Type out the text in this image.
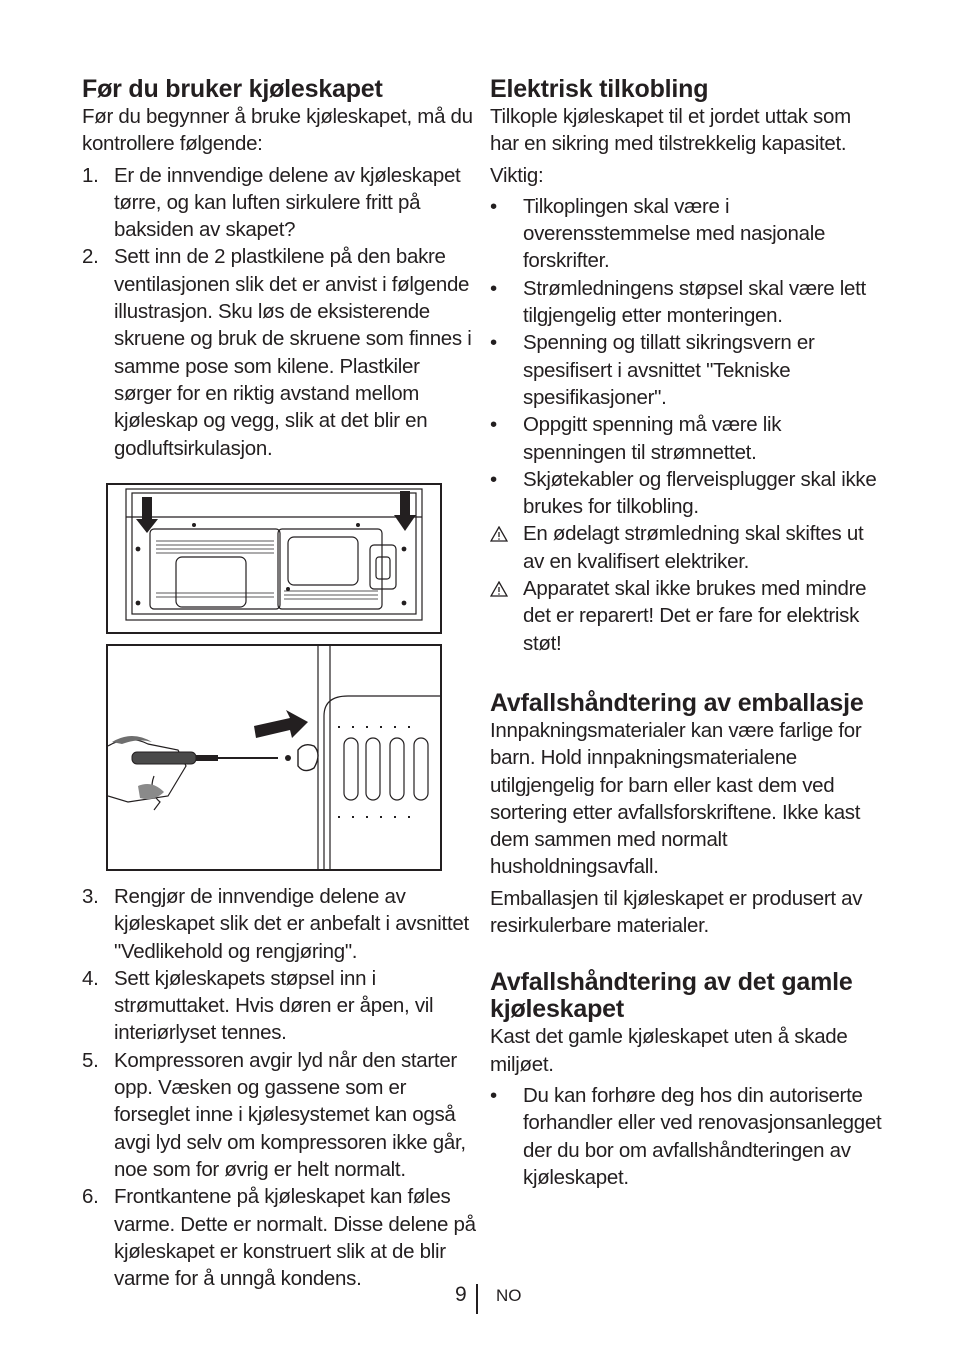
Før du bruker kjøleskapet

Før du begynner å bruke kjøleskapet, må du kontrollere følgende:

1. Er de innvendige delene av kjøleskapet tørre, og kan luften sirkulere fritt på baksiden av skapet?
2. Sett inn de 2 plastkilene på den bakre ventilasjonen slik det er anvist i følgende illustrasjon. Sku løs de eksisterende skruene og bruk de skruene som finnes i samme pose som kilene. Plastkiler sørger for en riktig avstand mellom kjøleskap og vegg, slik at det blir en godluftsirkulasjon.
3. Rengjør de innvendige delene av kjøleskapet slik det er anbefalt i avsnittet "Vedlikehold og rengjøring".
4. Sett kjøleskapets støpsel inn i strømuttaket. Hvis døren er åpen, vil interiørlyset tennes.
5. Kompressoren avgir lyd når den starter opp. Væsken og gassene som er forseglet inne i kjølesystemet kan også avgi lyd selv om kompressoren ikke går, noe som for øvrig er helt normalt.
6. Frontkantene på kjøleskapet kan føles varme. Dette er normalt. Disse delene på kjøleskapet er konstruert slik at de blir varme for å unngå kondens.
Elektrisk tilkobling

Tilkople kjøleskapet til et jordet uttak som har en sikring med tilstrekkelig kapasitet.

Viktig:

• Tilkoplingen skal være i overensstemmelse med nasjonale forskrifter.
• Strømledningens støpsel skal være lett tilgjengelig etter monteringen.
• Spenning og tillatt sikringsvern er spesifisert i avsnittet "Tekniske spesifikasjoner".
• Oppgitt spenning må være lik spenningen til strømnettet.
• Skjøtekabler og flerveisplugger skal ikke brukes for tilkobling.
En ødelagt strømledning skal skiftes ut av en kvalifisert elektriker.
Apparatet skal ikke brukes med mindre det er reparert! Det er fare for elektrisk støt!
Avfallshåndtering av emballasje

Innpakningsmaterialer kan være farlige for barn. Hold innpakningsmaterialene utilgjengelig for barn eller kast dem ved sortering etter avfallsforskriftene. Ikke kast dem sammen med normalt husholdningsavfall.

Emballasjen til kjøleskapet er produsert av resirkulerbare materialer.

Avfallshåndtering av det gamle kjøleskapet

Kast det gamle kjøleskapet uten å skade miljøet.

• Du kan forhøre deg hos din autoriserte forhandler eller ved renovasjonsanlegget der du bor om avfallshåndteringen av kjøleskapet.
9 NO
